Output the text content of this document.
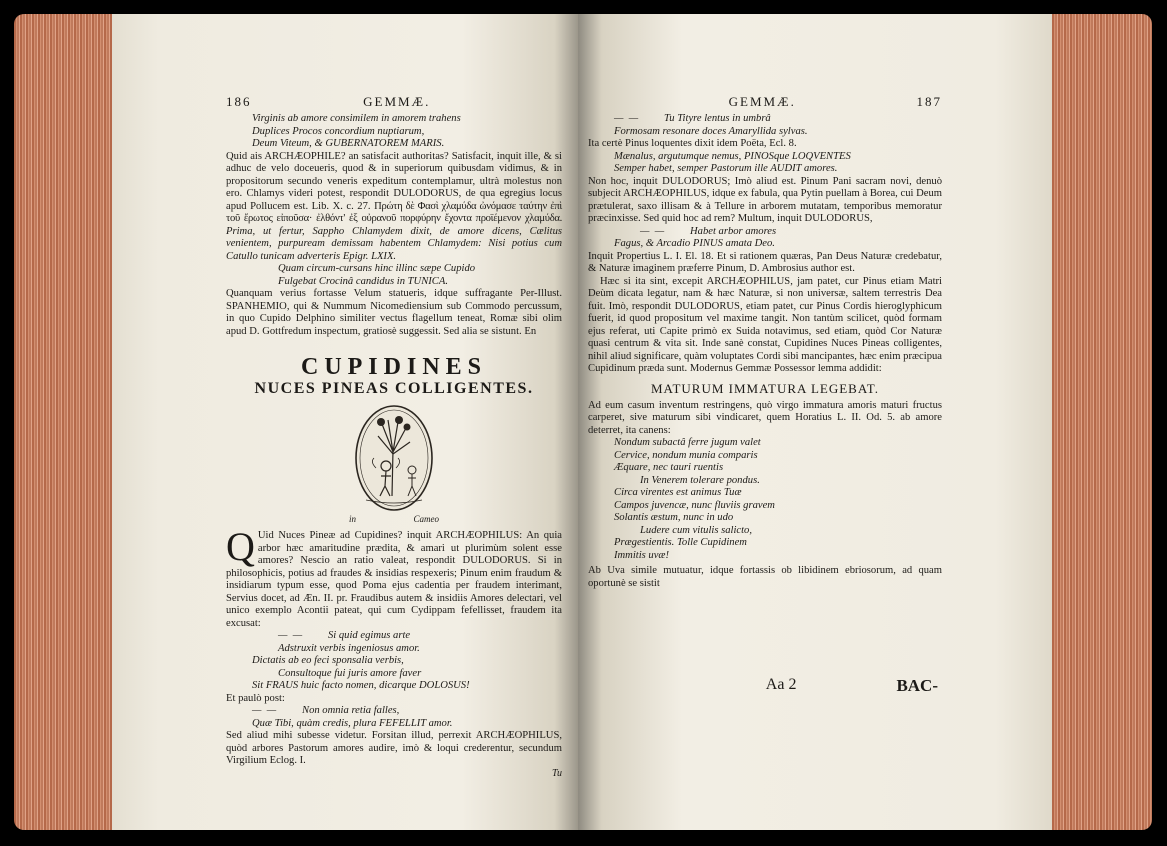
186	GEMMÆ.
Virginis ab amore consimilem in amorem trahens
Duplices Procos concordium nuptiarum,
Deum Viteum, & GUBERNATOREM MARIS.

Quid ais ARCHÆOPHILE? an satisfacit authoritas? Satisfacit, inquit ille, & si adhuc de velo doceueris, quod & in superiorum quibusdam vidimus, & in propositorum secundo veneris expeditum contemplamur, ultrà molestus non ero. Chlamys videri potest, respondit DULODORUS, de qua egregius locus apud Pollucem est. Lib. X. c. 27. Πρώτη δὲ Φασὶ χλαμύδα ὠνόμασε ταύτην ἐπὶ τοῦ ἔρωτος εἰποῦσα· ἐλθόντ' ἐξ οὐρανοῦ πορφύρην ἔχοντα προϊέμενον χλαμύδα. Prima, ut fertur, Sappho Chlamydem dixit, de amore dicens, Cælitus venientem, purpuream demissam habentem Chlamydem: Nisi potius cum Catullo tunicam adverteris Epigr. LXIX.

Quam circum-cursans hinc illinc sæpe Cupido
Fulgebat Crocinâ candidus in TUNICA.

Quanquam verius fortasse Velum statueris, idque suffragante Per-Illust. SPANHEMIO, qui & Nummum Nicomediensium sub Commodo percussum, in quo Cupido Delphino similiter vectus flagellum teneat, Romæ sibi olim apud D. Gottfredum inspectum, gratiosè suggessit. Sed alia se sistunt. En

CUPIDINES
NUCES PINEAS COLLIGENTES.
in	Cameo

Q Uid Nuces Pineæ ad Cupidines? inquit ARCHÆOPHILUS: An quia arbor hæc amaritudine prædita, & amari ut plurimùm solent esse amores? Nescio an ratio valeat, respondit DULODORUS. Si in philosophicis, potius ad fraudes & insidias respexeris; Pinum enim fraudum & insidiarum typum esse, quod Poma ejus cadentia per fraudem interimant, Servius docet, ad Æn. II. pr. Fraudibus autem & insidiis Amores delectari, vel unico exemplo Acontii pateat, qui cum Cydippam fefellisset, fraudem ita excusat:

—  — Si quid egimus arte
Adstruxit verbis ingeniosus amor.
Dictatis ab eo feci sponsalia verbis,
Consultoque fui juris amore faver
Sit FRAUS huic facto nomen, dicarque DOLOSUS!

Et paulò post:

—  — Non omnia retia falles,
Quæ Tibi, quàm credis, plura FEFELLIT amor.

Sed aliud mihi subesse videtur. Forsitan illud, perrexit ARCHÆOPHILUS, quòd arbores Pastorum amores audire, imò & loqui crederentur, secundum Virgilium Eclog. I.

Tu
GEMMÆ.	187
—  — Tu Tityre lentus in umbrâ
Formosam resonare doces Amaryllida sylvas.

Ita certè Pinus loquentes dixit idem Poëta, Ecl. 8.

Mænalus, argutumque nemus, PINOSque LOQVENTES
Semper habet, semper Pastorum ille AUDIT amores.

Non hoc, inquit DULODORUS; Imò aliud est. Pinum Pani sacram novi, denuò subjecit ARCHÆOPHILUS, idque ex fabula, qua Pytin puellam à Borea, cui Deum prætulerat, saxo illisam & à Tellure in arborem mutatam, temporibus memoratur præcinxisse. Sed quid hoc ad rem? Multum, inquit DULODORUS,

—  — Habet arbor amores
Fagus, & Arcadio PINUS amata Deo.

Inquit Propertius L. I. El. 18. Et si rationem quæras, Pan Deus Naturæ credebatur, & Naturæ imaginem præferre Pinum, D. Ambrosius author est.

Hæc si ita sint, excepit ARCHÆOPHILUS, jam patet, cur Pinus etiam Matri Deùm dicata legatur, nam & hæc Naturæ, si non universæ, saltem terrestris Dea fuit. Imò, respondit DULODORUS, etiam patet, cur Pinus Cordis hieroglyphicum fuerit, id quod propositum vel maxime tangit. Non tantùm scilicet, quòd formam ejus referat, uti Capite primò ex Suida notavimus, sed etiam, quòd Cor Naturæ quasi centrum & vita sit. Inde sanè constat, Cupidines Nuces Pineas colligentes, nihil aliud significare, quàm voluptates Cordi sibi mancipantes, hæc enim præcipua Cupidinum præda sunt. Modernus Gemmæ Possessor lemma addidit:

MATURUM IMMATURA LEGEBAT.

Ad eum casum inventum restringens, quò virgo immatura amoris maturi fructus carperet, sive maturum sibi vindicaret, quem Horatius L. II. Od. 5. ab amore deterret, ita canens:

Nondum subactâ ferre jugum valet
Cervice, nondum munia comparis
Æquare, nec tauri ruentis
In Venerem tolerare pondus.
Circa virentes est animus Tuæ
Campos juvencæ, nunc fluviis gravem
Solantis æstum, nunc in udo
Ludere cum vitulis salicto,
Prægestientis. Tolle Cupidinem
Immitis uvæ!

Ab Uva simile mutuatur, idque fortassis ob libidinem ebriosorum, ad quam oportunè se sistit

Aa 2	BAC-
